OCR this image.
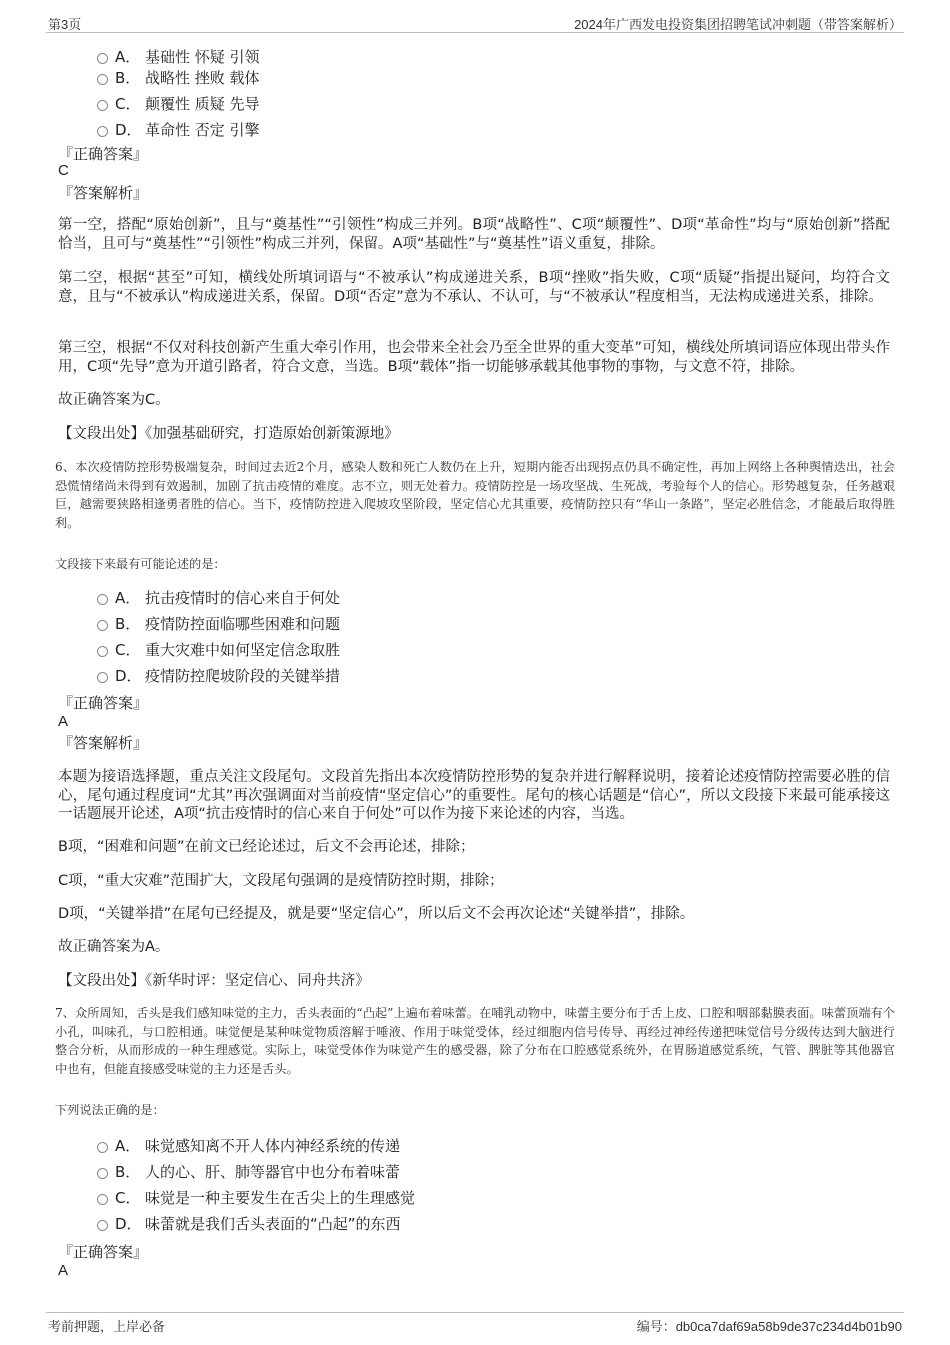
第3页	2024年广西发电投资集团招聘笔试冲刺题（带答案解析）
A． 基础性 怀疑 引领
B． 战略性 挫败 载体
C． 颠覆性 质疑 先导
D． 革命性 否定 引擎
『正确答案』
C
『答案解析』
第一空，搭配“原始创新”，且与“奠基性”“引领性”构成三并列。B项“战略性”、C项“颠覆性”、D项“革命性”均与“原始创新”搭配恰当，且可与“奠基性”“引领性”构成三并列，保留。A项“基础性”与“奠基性”语义重复，排除。
第二空，根据“甚至”可知，横线处所填词语与“不被承认”构成递进关系，B项“挫败”指失败，C项“质疑”指提出疑问，均符合文意，且与“不被承认”构成递进关系，保留。D项“否定”意为不承认、不认可，与“不被承认”程度相当，无法构成递进关系，排除。
第三空，根据“不仅对科技创新产生重大牵引作用，也会带来全社会乃至全世界的重大变革”可知，横线处所填词语应体现出带头作用，C项“先导”意为开道引路者，符合文意，当选。B项“载体”指一切能够承载其他事物的事物，与文意不符，排除。
故正确答案为C。
【文段出处】《加强基础研究，打造原始创新策源地》
6、本次疫情防控形势极端复杂，时间过去近2个月，感染人数和死亡人数仍在上升，短期内能否出现拐点仍具不确定性，再加上网络上各种舆情迭出，社会恐慌情绪尚未得到有效遏制，加剧了抗击疫情的难度。志不立，则无处着力。疫情防控是一场攻坚战、生死战，考验每个人的信心。形势越复杂，任务越艰巨，越需要狭路相逢勇者胜的信心。当下，疫情防控进入爬坡攻坚阶段，坚定信心尤其重要，疫情防控只有“华山一条路”，坚定必胜信念，才能最后取得胜利。
文段接下来最有可能论述的是：
A． 抗击疫情时的信心来自于何处
B． 疫情防控面临哪些困难和问题
C． 重大灾难中如何坚定信念取胜
D． 疫情防控爬坡阶段的关键举措
『正确答案』
A
『答案解析』
本题为接语选择题，重点关注文段尾句。文段首先指出本次疫情防控形势的复杂并进行解释说明，接着论述疫情防控需要必胜的信心，尾句通过程度词“尤其”再次强调面对当前疫情“坚定信心”的重要性。尾句的核心话题是“信心”，所以文段接下来最可能承接这一话题展开论述，A项“抗击疫情时的信心来自于何处”可以作为接下来论述的内容，当选。
B项，“困难和问题”在前文已经论述过，后文不会再论述，排除；
C项，“重大灾难”范围扩大，文段尾句强调的是疫情防控时期，排除；
D项，“关键举措”在尾句已经提及，就是要“坚定信心”，所以后文不会再次论述“关键举措”，排除。
故正确答案为A。
【文段出处】《新华时评：坚定信心、同舟共济》
7、众所周知，舌头是我们感知味觉的主力，舌头表面的“凸起”上遍布着味蕾。在哺乳动物中，味蕾主要分布于舌上皮、口腔和咽部黏膜表面。味蕾顶端有个小孔，叫味孔，与口腔相通。味觉便是某种味觉物质溶解于唾液、作用于味觉受体，经过细胞内信号传导、再经过神经传递把味觉信号分级传达到大脑进行整合分析，从而形成的一种生理感觉。实际上，味觉受体作为味觉产生的感受器，除了分布在口腔感觉系统外，在胃肠道感觉系统，气管、脾脏等其他器官中也有，但能直接感受味觉的主力还是舌头。
下列说法正确的是：
A． 味觉感知离不开人体内神经系统的传递
B． 人的心、肝、肺等器官中也分布着味蕾
C． 味觉是一种主要发生在舌尖上的生理感觉
D． 味蕾就是我们舌头表面的“凸起”的东西
『正确答案』
A
考前押题，上岸必备	编号：db0ca7daf69a58b9de37c234d4b01b90
